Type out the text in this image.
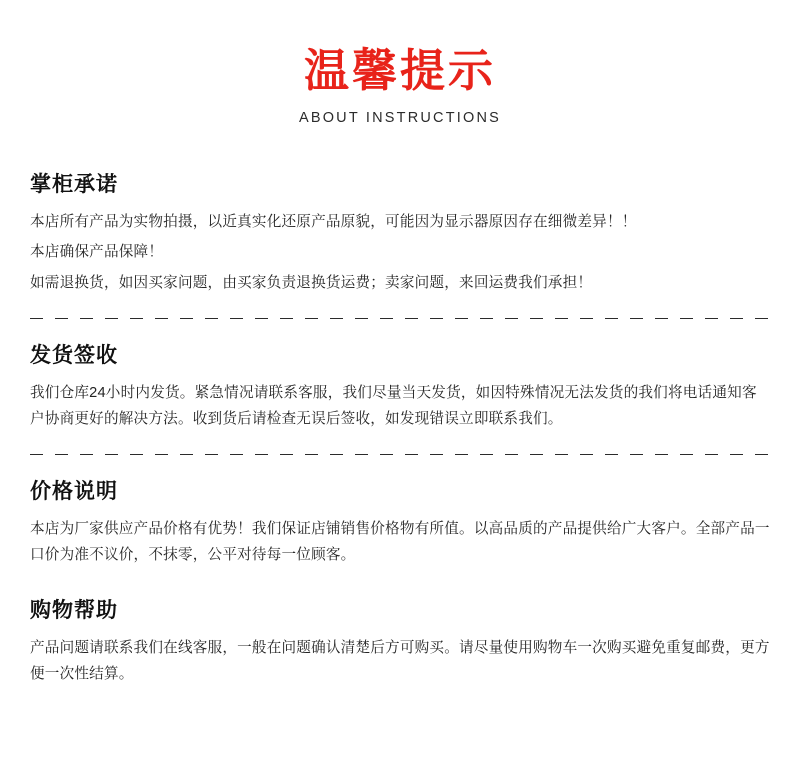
温馨提示
ABOUT INSTRUCTIONS
掌柜承诺

本店所有产品为实物拍摄，以近真实化还原产品原貌，可能因为显示器原因存在细微差异！！

本店确保产品保障！

如需退换货，如因买家问题，由买家负责退换货运费；卖家问题，来回运费我们承担！

发货签收

我们仓库24小时内发货。紧急情况请联系客服，我们尽量当天发货，如因特殊情况无法发货的我们将电话通知客户协商更好的解决方法。收到货后请检查无误后签收，如发现错误立即联系我们。

价格说明

本店为厂家供应产品价格有优势！我们保证店铺销售价格物有所值。以高品质的产品提供给广大客户。全部产品一口价为准不议价，不抹零，公平对待每一位顾客。

购物帮助

产品问题请联系我们在线客服，一般在问题确认清楚后方可购买。请尽量使用购物车一次购买避免重复邮费，更方便一次性结算。
